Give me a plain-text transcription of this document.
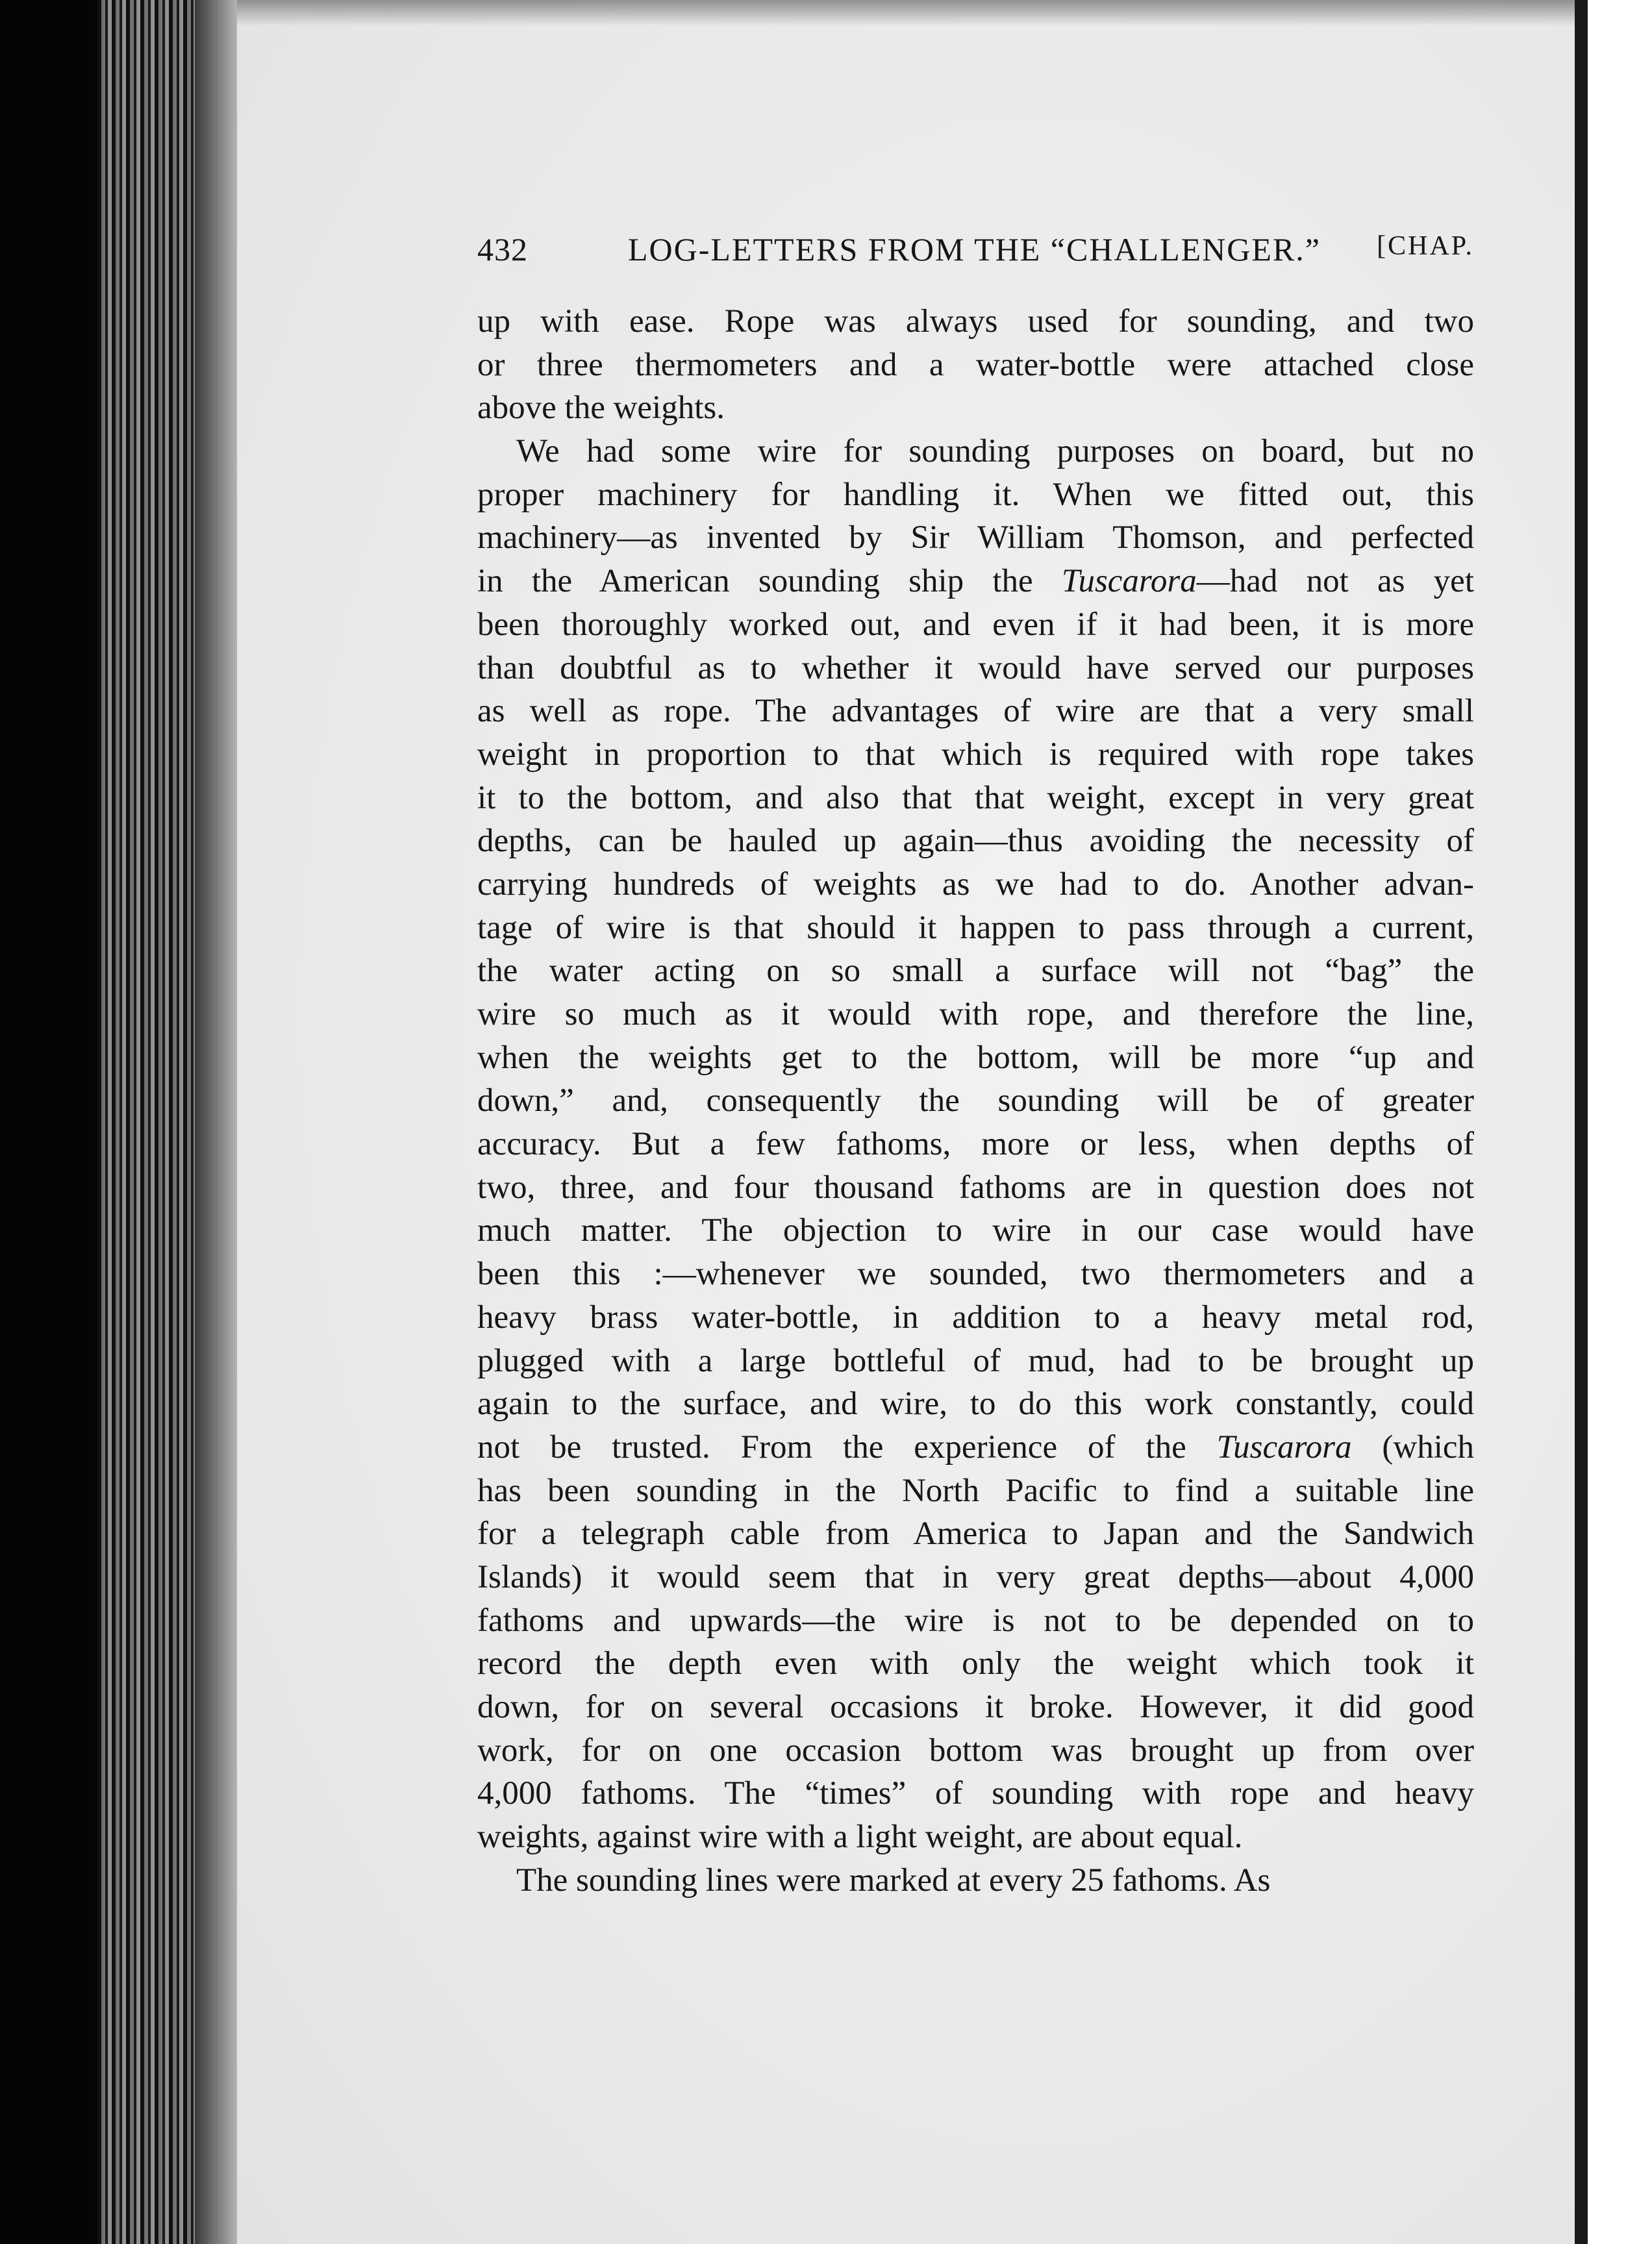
432	LOG-LETTERS FROM THE “CHALLENGER.” [CHAP.
up with ease. Rope was always used for sounding, and two
or three thermometers and a water-bottle were attached close
above the weights.
We had some wire for sounding purposes on board, but no
proper machinery for handling it. When we fitted out, this
machinery—as invented by Sir William Thomson, and perfected
in the American sounding ship the Tuscarora—had not as yet
been thoroughly worked out, and even if it had been, it is more
than doubtful as to whether it would have served our purposes
as well as rope. The advantages of wire are that a very small
weight in proportion to that which is required with rope takes
it to the bottom, and also that that weight, except in very great
depths, can be hauled up again—thus avoiding the necessity of
carrying hundreds of weights as we had to do. Another advan-
tage of wire is that should it happen to pass through a current,
the water acting on so small a surface will not “bag” the
wire so much as it would with rope, and therefore the line,
when the weights get to the bottom, will be more “up and
down,” and, consequently the sounding will be of greater
accuracy. But a few fathoms, more or less, when depths of
two, three, and four thousand fathoms are in question does not
much matter. The objection to wire in our case would have
been this :—whenever we sounded, two thermometers and a
heavy brass water-bottle, in addition to a heavy metal rod,
plugged with a large bottleful of mud, had to be brought up
again to the surface, and wire, to do this work constantly, could
not be trusted. From the experience of the Tuscarora (which
has been sounding in the North Pacific to find a suitable line
for a telegraph cable from America to Japan and the Sandwich
Islands) it would seem that in very great depths—about 4,000
fathoms and upwards—the wire is not to be depended on to
record the depth even with only the weight which took it
down, for on several occasions it broke. However, it did good
work, for on one occasion bottom was brought up from over
4,000 fathoms. The “times” of sounding with rope and heavy
weights, against wire with a light weight, are about equal.
The sounding lines were marked at every 25 fathoms. As
